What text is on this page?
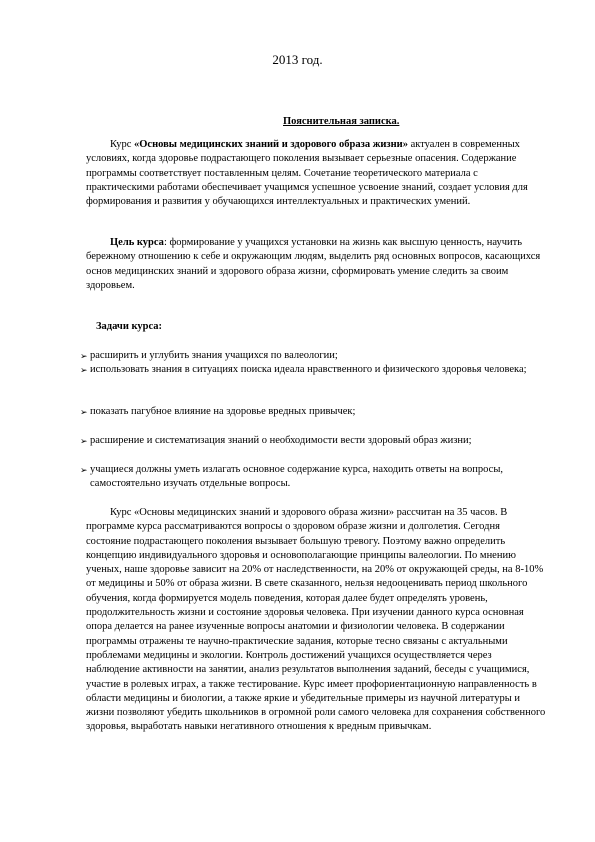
2013 год.
Пояснительная записка.

Курс «Основы медицинских знаний и здорового образа жизни» актуален в современных условиях, когда здоровье подрастающего поколения вызывает серьезные опасения. Содержание программы соответствует поставленным целям. Сочетание теоретического материала с практическими работами обеспечивает учащимся успешное усвоение знаний, создает условия для формирования и развития у обучающихся интеллектуальных и практических умений.

Цель курса: формирование у учащихся установки на жизнь как высшую ценность, научить бережному отношению к себе и окружающим людям, выделить ряд основных вопросов, касающихся основ медицинских знаний и здорового образа жизни, сформировать умение следить за своим здоровьем.

Задачи курса:
➢ расширить и углубить знания учащихся по валеологии;
➢ использовать знания в ситуациях поиска идеала нравственного и физического здоровья человека;
➢ показать пагубное влияние на здоровье вредных привычек;
➢ расширение и систематизация знаний о необходимости вести здоровый образ жизни;
➢ учащиеся должны уметь излагать основное содержание курса, находить ответы на вопросы, самостоятельно изучать отдельные вопросы.

Курс «Основы медицинских знаний и здорового образа жизни» рассчитан на 35 часов. В программе курса рассматриваются вопросы о здоровом образе жизни и долголетия. Сегодня состояние подрастающего поколения вызывает большую тревогу. Поэтому важно определить концепцию индивидуального здоровья и основополагающие принципы валеологии. По мнению ученых, наше здоровье зависит на 20% от наследственности, на 20% от окружающей среды, на 8-10% от медицины и 50% от образа жизни. В свете сказанного, нельзя недооценивать период школьного обучения, когда формируется модель поведения, которая далее будет определять уровень, продолжительность жизни и состояние здоровья человека. При изучении данного курса основная опора делается на ранее изученные вопросы анатомии и физиологии человека. В содержании программы отражены те научно-практические задания, которые тесно связаны с актуальными проблемами медицины и экологии. Контроль достижений учащихся осуществляется через наблюдение активности на занятии, анализ результатов выполнения заданий, беседы с учащимися, участие в ролевых играх, а также тестирование. Курс имеет профориентационную направленность в области медицины и биологии, а также яркие и убедительные примеры из научной литературы и жизни позволяют убедить школьников в огромной роли самого человека для сохранения собственного здоровья, выработать навыки негативного отношения к вредным привычкам.
